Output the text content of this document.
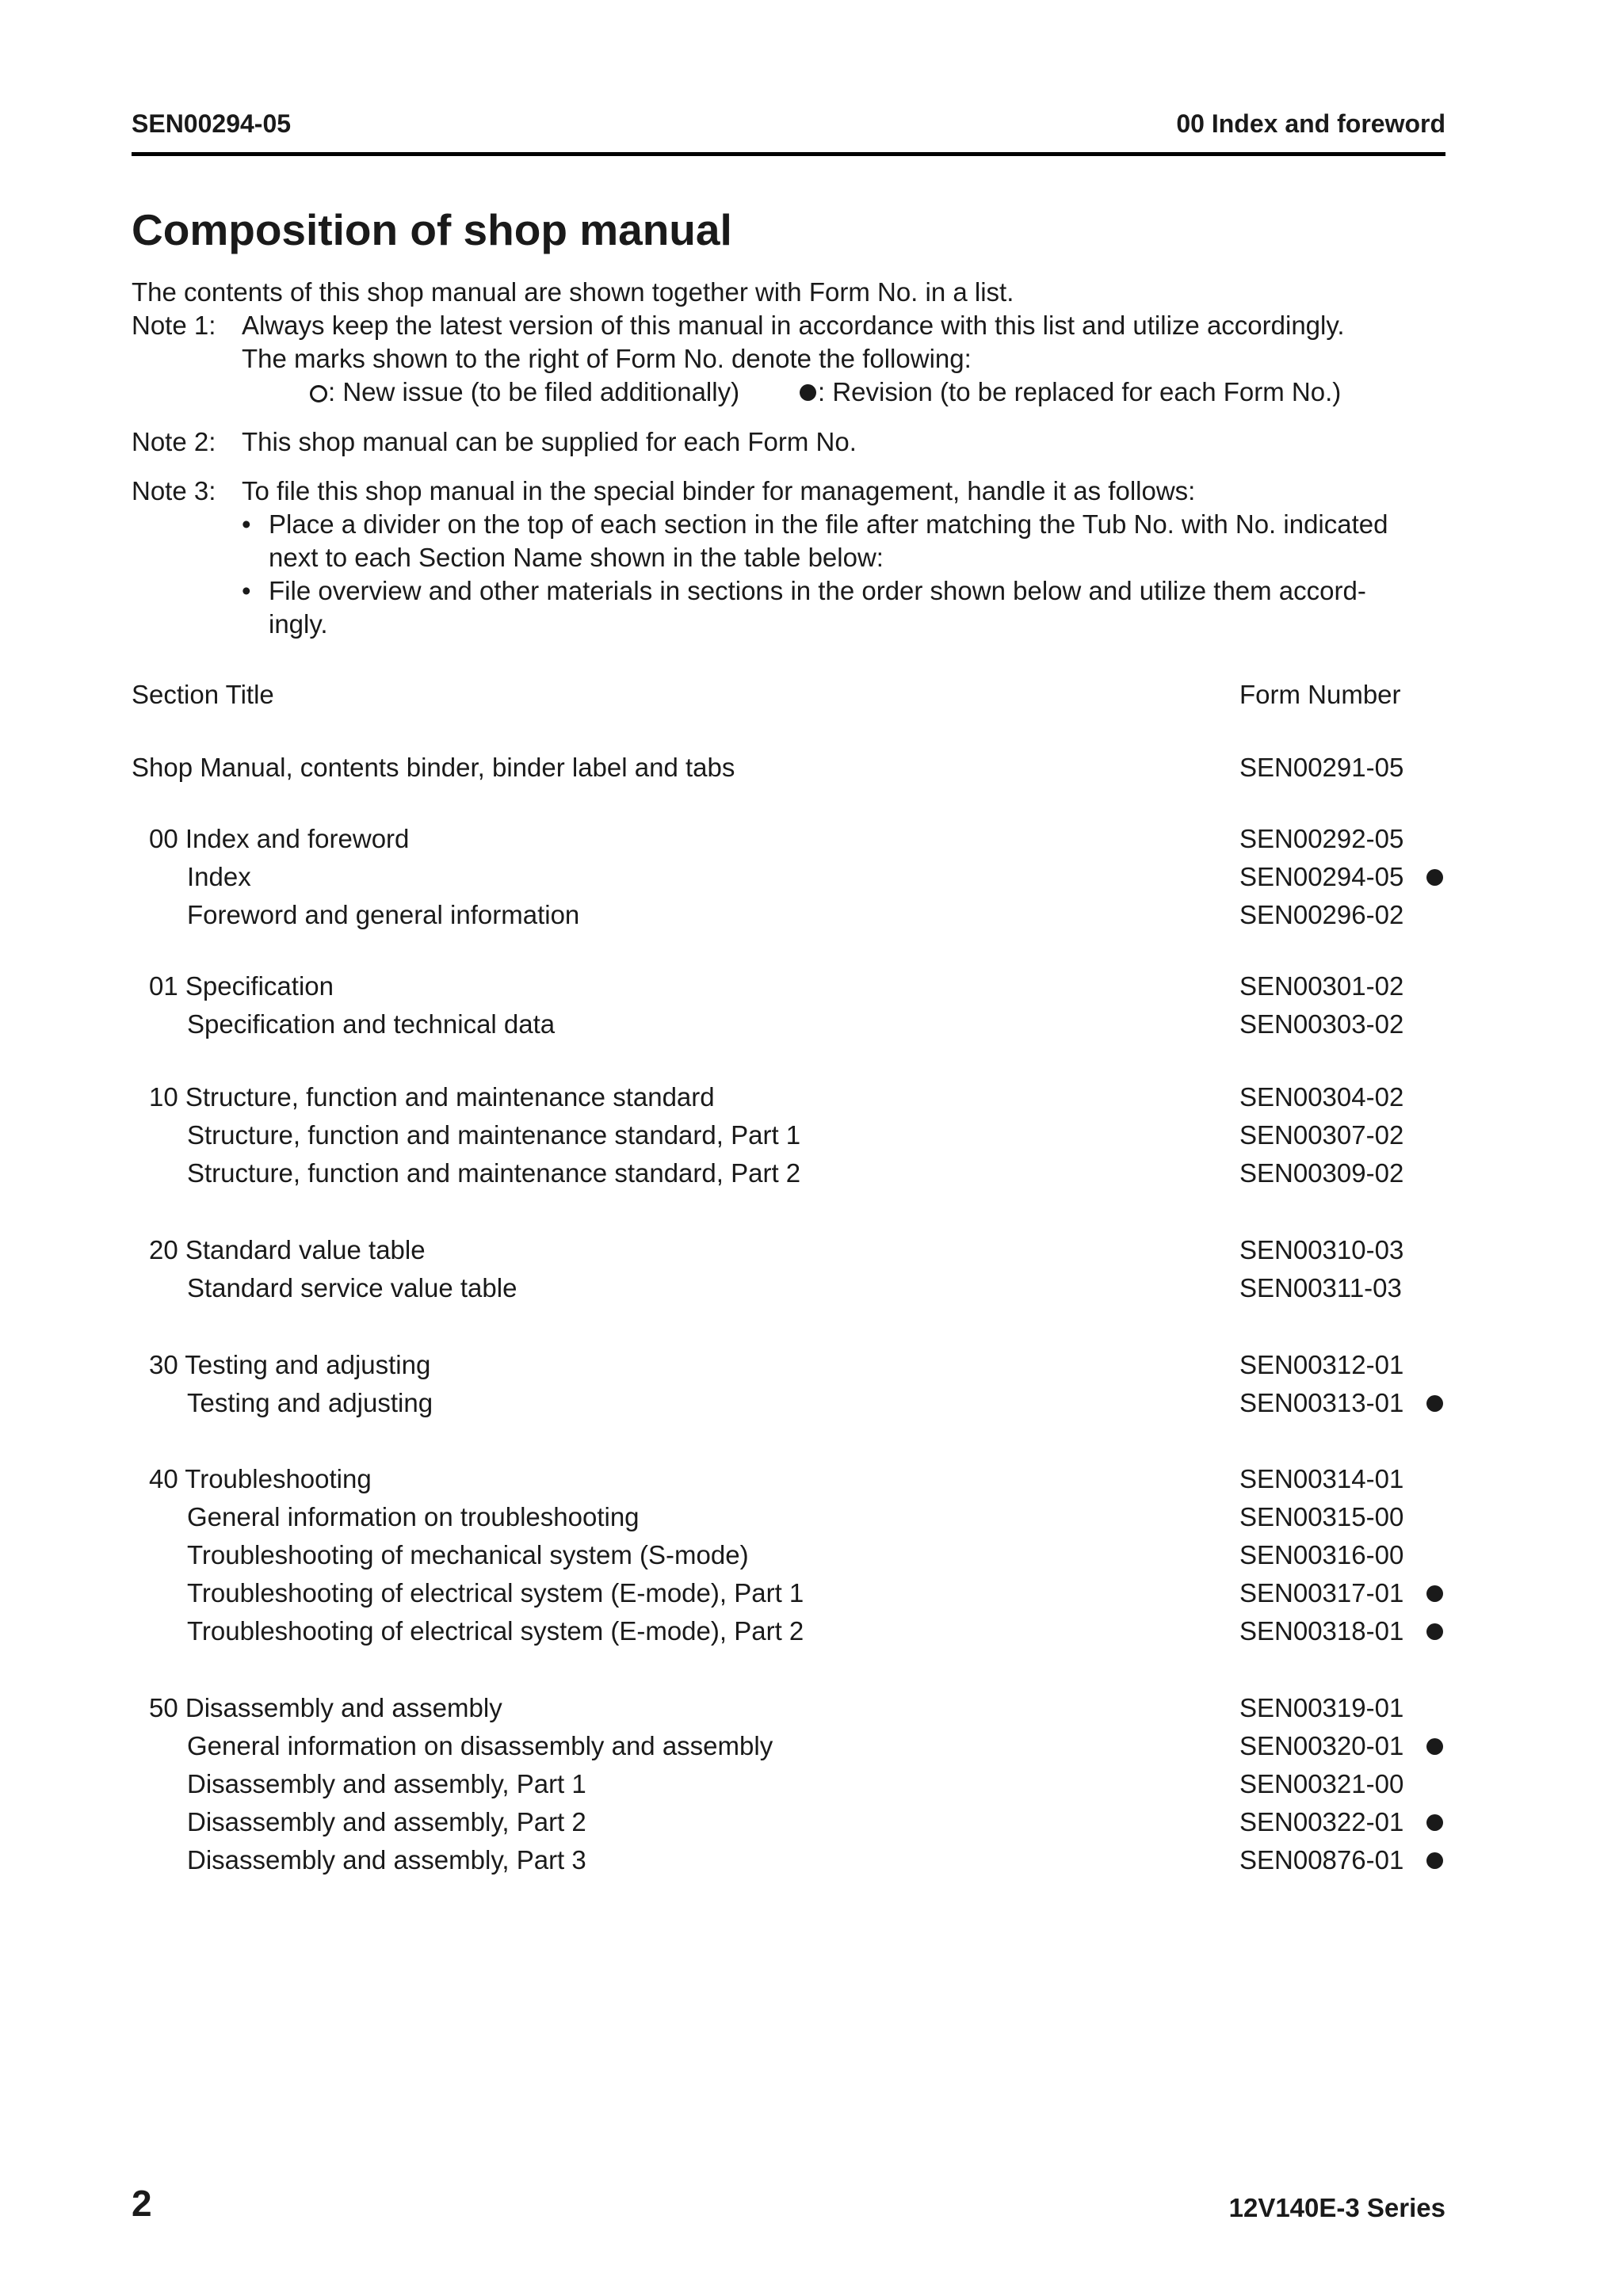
SEN00294-05	00 Index and foreword
Composition of shop manual
The contents of this shop manual are shown together with Form No. in a list.
Note 1: Always keep the latest version of this manual in accordance with this list and utilize accordingly.
The marks shown to the right of Form No. denote the following:
: New issue (to be filed additionally)	: Revision (to be replaced for each Form No.)
Note 2: This shop manual can be supplied for each Form No.
Note 3: To file this shop manual in the special binder for management, handle it as follows:
• Place a divider on the top of each section in the file after matching the Tub No. with No. indicated
next to each Section Name shown in the table below:
• File overview and other materials in sections in the order shown below and utilize them accord-
ingly.
Section Title	Form Number
Shop Manual, contents binder, binder label and tabs	SEN00291-05
00 Index and foreword	SEN00292-05
Index	SEN00294-05
Foreword and general information	SEN00296-02
01 Specification	SEN00301-02
Specification and technical data	SEN00303-02
10 Structure, function and maintenance standard	SEN00304-02
Structure, function and maintenance standard, Part 1	SEN00307-02
Structure, function and maintenance standard, Part 2	SEN00309-02
20 Standard value table	SEN00310-03
Standard service value table	SEN00311-03
30 Testing and adjusting	SEN00312-01
Testing and adjusting	SEN00313-01
40 Troubleshooting	SEN00314-01
General information on troubleshooting	SEN00315-00
Troubleshooting of mechanical system (S-mode)	SEN00316-00
Troubleshooting of electrical system (E-mode), Part 1	SEN00317-01
Troubleshooting of electrical system (E-mode), Part 2	SEN00318-01
50 Disassembly and assembly	SEN00319-01
General information on disassembly and assembly	SEN00320-01
Disassembly and assembly, Part 1	SEN00321-00
Disassembly and assembly, Part 2	SEN00322-01
Disassembly and assembly, Part 3	SEN00876-01
2	12V140E-3 Series
